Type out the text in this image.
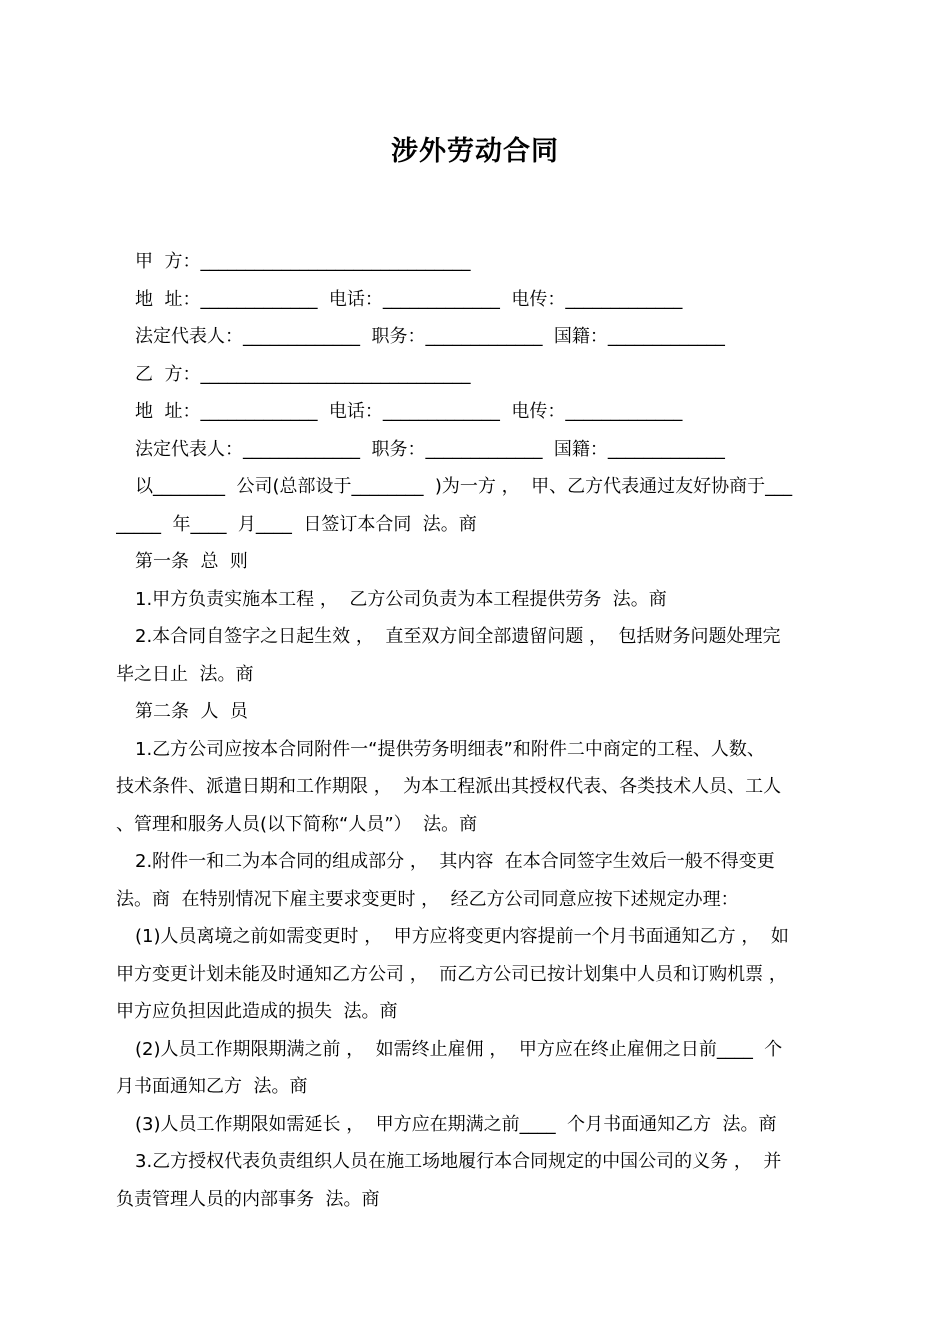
涉外劳动合同
甲  方：______________________________
地  址：_____________  电话：_____________  电传：_____________
法定代表人：_____________  职务：_____________  国籍：_____________
乙  方：______________________________
地  址：_____________  电话：_____________  电传：_____________
法定代表人：_____________  职务：_____________  国籍：_____________
以________  公司(总部设于________  )为一方 ，  甲、乙方代表通过友好协商于___
_____  年____  月____  日签订本合同  法。商
第一条  总  则
1.甲方负责实施本工程 ，  乙方公司负责为本工程提供劳务  法。商
2.本合同自签字之日起生效 ，  直至双方间全部遗留问题 ，  包括财务问题处理完
毕之日止  法。商
第二条  人  员
1.乙方公司应按本合同附件一“提供劳务明细表”和附件二中商定的工程、人数、
技术条件、派遣日期和工作期限 ，  为本工程派出其授权代表、各类技术人员、工人
、管理和服务人员(以下简称“人员”）  法。商
2.附件一和二为本合同的组成部分 ，  其内容  在本合同签字生效后一般不得变更
法。商  在特别情况下雇主要求变更时 ，  经乙方公司同意应按下述规定办理：
(1)人员离境之前如需变更时 ，  甲方应将变更内容提前一个月书面通知乙方 ，  如
甲方变更计划未能及时通知乙方公司 ，  而乙方公司已按计划集中人员和订购机票 ，
甲方应负担因此造成的损失  法。商
(2)人员工作期限期满之前 ，  如需终止雇佣 ，  甲方应在终止雇佣之日前____  个
月书面通知乙方  法。商
(3)人员工作期限如需延长 ，  甲方应在期满之前____  个月书面通知乙方  法。商
3.乙方授权代表负责组织人员在施工场地履行本合同规定的中国公司的义务 ，  并
负责管理人员的内部事务  法。商
